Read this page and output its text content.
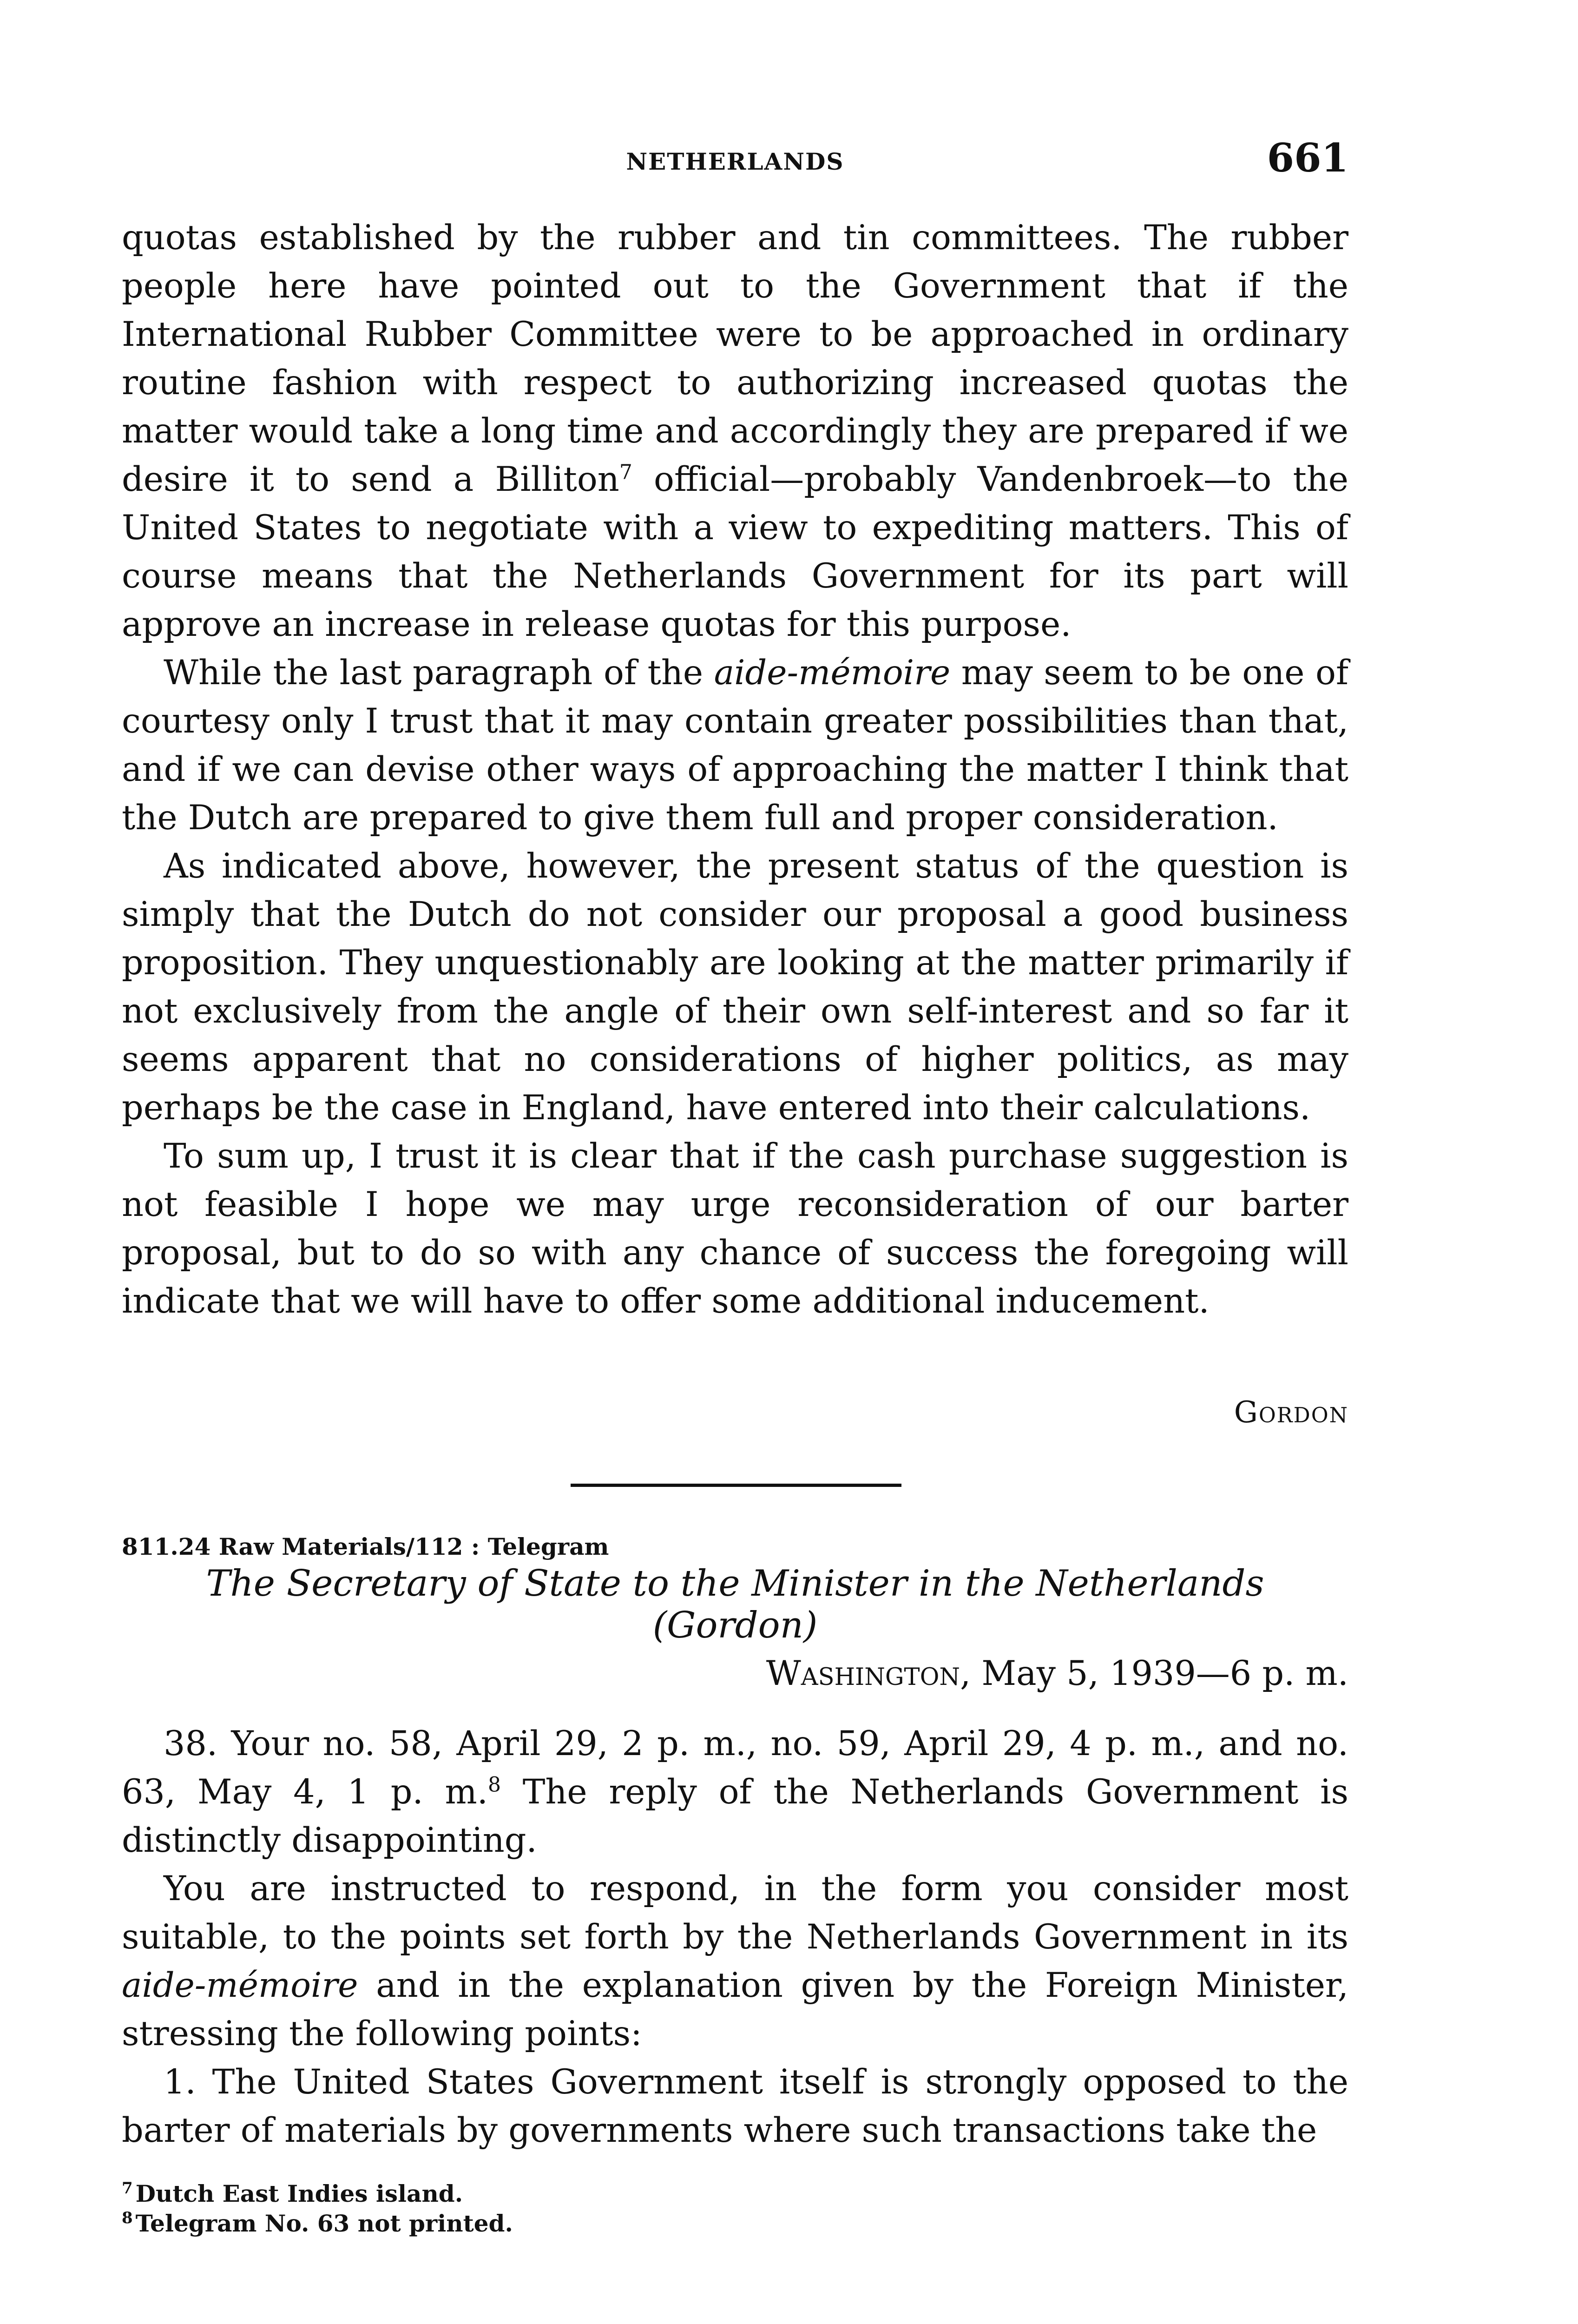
NETHERLANDS	661

quotas established by the rubber and tin committees. The rubber people here have pointed out to the Government that if the International Rubber Committee were to be approached in ordinary routine fashion with respect to authorizing increased quotas the matter would take a long time and accordingly they are prepared if we desire it to send a Billiton$^7$ official—probably Vandenbroek—to the United States to negotiate with a view to expediting matters. This of course means that the Netherlands Government for its part will approve an increase in release quotas for this purpose.

While the last paragraph of the aide-mémoire may seem to be one of courtesy only I trust that it may contain greater possibilities than that, and if we can devise other ways of approaching the matter I think that the Dutch are prepared to give them full and proper consideration.

As indicated above, however, the present status of the question is simply that the Dutch do not consider our proposal a good business proposition. They unquestionably are looking at the matter primarily if not exclusively from the angle of their own self-interest and so far it seems apparent that no considerations of higher politics, as may perhaps be the case in England, have entered into their calculations.

To sum up, I trust it is clear that if the cash purchase suggestion is not feasible I hope we may urge reconsideration of our barter proposal, but to do so with any chance of success the foregoing will indicate that we will have to offer some additional inducement.

Gordon
811.24 Raw Materials/112 : Telegram
The Secretary of State to the Minister in the Netherlands (Gordon)
Washington, May 5, 1939—6 p. m.

38. Your no. 58, April 29, 2 p. m., no. 59, April 29, 4 p. m., and no. 63, May 4, 1 p. m.$^8$ The reply of the Netherlands Government is distinctly disappointing.

You are instructed to respond, in the form you consider most suitable, to the points set forth by the Netherlands Government in its aide-mémoire and in the explanation given by the Foreign Minister, stressing the following points:

1. The United States Government itself is strongly opposed to the barter of materials by governments where such transactions take the

$^7$ Dutch East Indies island.

$^8$ Telegram No. 63 not printed.
